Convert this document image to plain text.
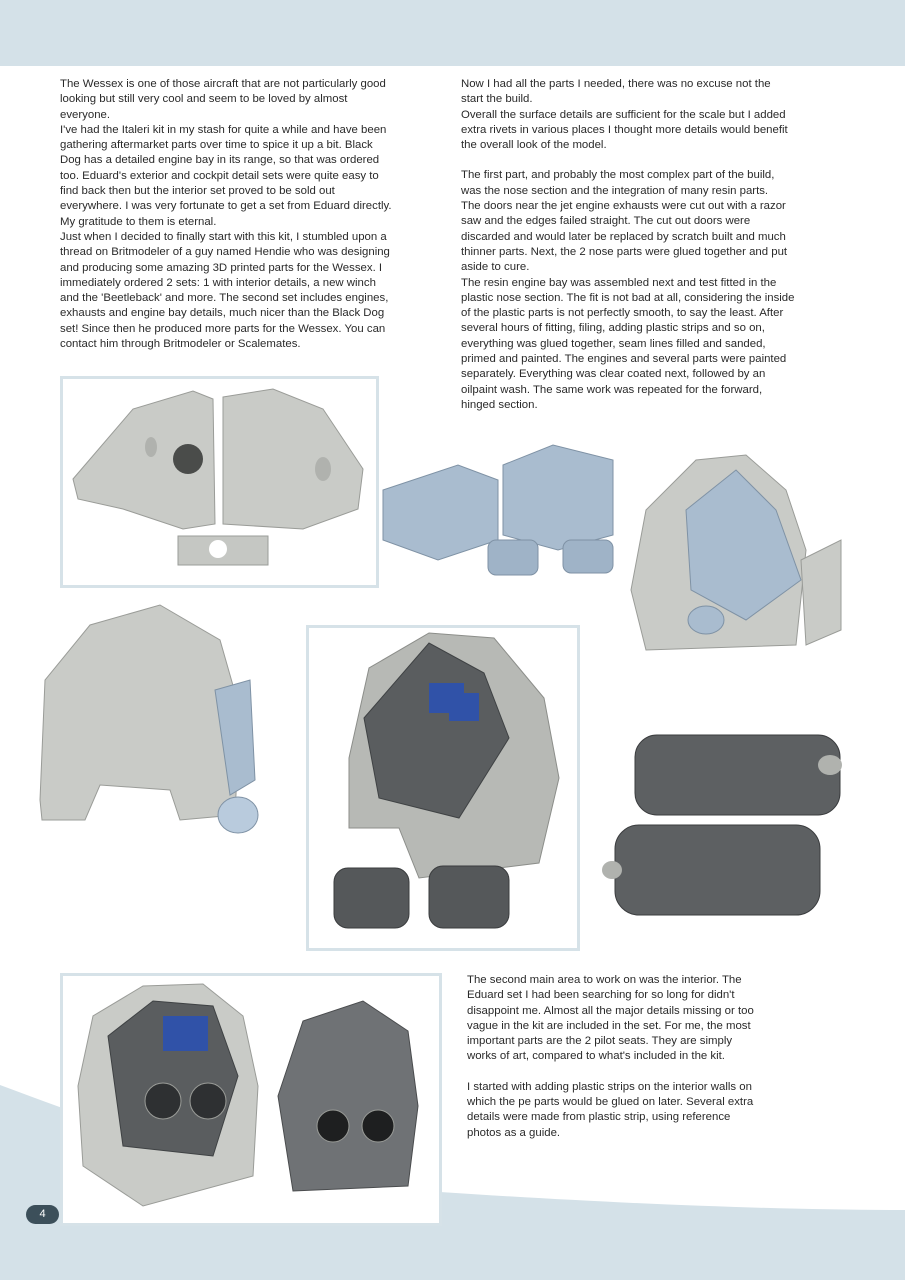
The Wessex is one of those aircraft that are not particularly good
looking but still very cool and seem to be loved by almost
everyone.

I've had the Italeri kit in my stash for quite a while and have been
gathering aftermarket parts over time to spice it up a bit. Black
Dog has a detailed engine bay in its range, so that was ordered
too. Eduard's exterior and cockpit detail sets were quite easy to
find back then but the interior set proved to be sold out
everywhere. I was very fortunate to get a set from Eduard directly.
My gratitude to them is eternal.

Just when I decided to finally start with this kit, I stumbled upon a
thread on Britmodeler of a guy named Hendie who was designing
and producing some amazing 3D printed parts for the Wessex. I
immediately ordered 2 sets: 1 with interior details, a new winch
and the 'Beetleback' and more. The second set includes engines,
exhausts and engine bay details, much nicer than the Black Dog
set! Since then he produced more parts for the Wessex. You can
contact him through Britmodeler or Scalemates.

Now I had all the parts I needed, there was no excuse not the
start the build.

Overall the surface details are sufficient for the scale but I added
extra rivets in various places I thought more details would benefit
the overall look of the model.

The first part, and probably the most complex part of the build,
was the nose section and the integration of many resin parts.
The doors near the jet engine exhausts were cut out with a razor
saw and the edges failed straight. The cut out doors were
discarded and would later be replaced by scratch built and much
thinner parts. Next, the 2 nose parts were glued together and put
aside to cure.

The resin engine bay was assembled next and test fitted in the
plastic nose section. The fit is not bad at all, considering the inside
of the plastic parts is not perfectly smooth, to say the least. After
several hours of fitting, filing, adding plastic strips and so on,
everything was glued together, seam lines filled and sanded,
primed and painted. The engines and several parts were painted
separately. Everything was clear coated next, followed by an
oilpaint wash. The same work was repeated for the forward,
hinged section.

The second main area to work on was the interior. The
Eduard set I had been searching for so long for didn't
disappoint me. Almost all the major details missing or too
vague in the kit are included in the set. For me, the most
important parts are the 2 pilot seats. They are simply
works of art, compared to what's included in the kit.

I started with adding plastic strips on the interior walls on
which the pe parts would be glued on later. Several extra
details were made from plastic strip, using reference
photos as a guide.

4
